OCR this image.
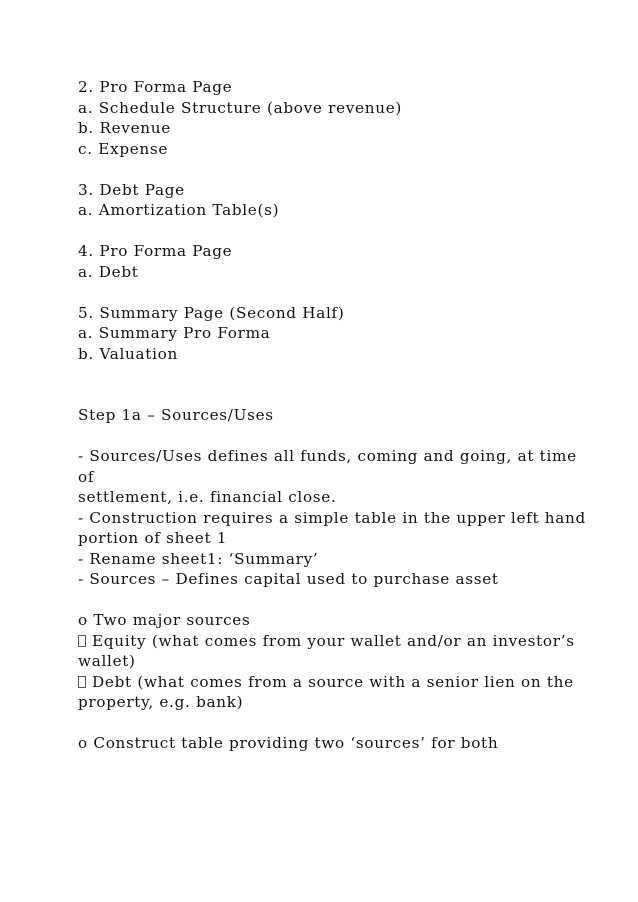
2. Pro Forma Page

a. Schedule Structure (above revenue)

b. Revenue

c. Expense

3. Debt Page

a. Amortization Table(s)

4. Pro Forma Page

a. Debt

5. Summary Page (Second Half)

a. Summary Pro Forma

b. Valuation

Step 1a – Sources/Uses

- Sources/Uses defines all funds, coming and going, at time of

settlement, i.e. financial close.

- Construction requires a simple table in the upper left hand

portion of sheet 1

- Rename sheet1: ‘Summary’

- Sources – Defines capital used to purchase asset

o Two major sources

Equity (what comes from your wallet and/or an investor’s

wallet)

Debt (what comes from a source with a senior lien on the

property, e.g. bank)

o Construct table providing two ‘sources’ for both
